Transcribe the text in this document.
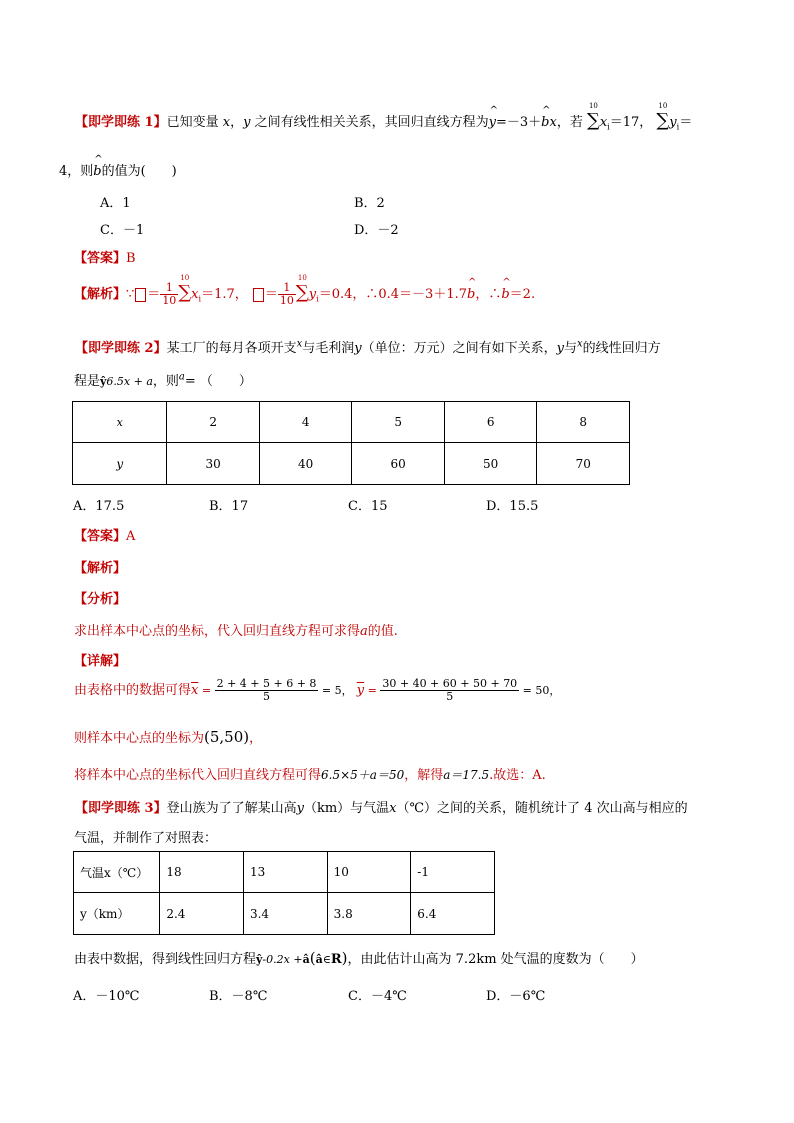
【即学即练 1】已知变量 x，y 之间有线性相关关系，其回归直线方程为^ y=－3＋^ bx，若 ∑
10
$x_i=17$， ∑
10
$y_i=$
4，则^ b的值为(　　)
A．1	B．2
C．－1	D．－2
【答案】B
【解析】∵ ＝ $\frac{1}{10}$ ∑
10
$x_i=1.7$， ＝ $\frac{1}{10}$ ∑
10
$y_i=0.4$，∴0.4＝－3＋1.7^ b，∴^ b＝2.
【即学即练 2】某工厂的每月各项开支$^x$与毛利润y（单位：万元）之间有如下关系，y与$^x$的线性回归方
程是ŷ6.5x + a，则$^a$= （　　）
x	2	4	5	6	8
y	30	40	60	50	70
A．17.5	B．17	C．15	D．15.5
【答案】A
【解析】
【分析】
求出样本中心点的坐标，代入回归直线方程可求得a的值.
【详解】
由表格中的数据可得$\overline{x} = \frac{2 + 4 + 5 + 6 + 8}{5} = 5$， $\overline{y} = \frac{30 + 40 + 60 + 50 + 70}{5} = 50$，
则样本中心点的坐标为(5,50)，
将样本中心点的坐标代入回归直线方程可得6.5×5＋a＝50，解得a＝17.5.故选：A.
【即学即练 3】登山族为了了解某山高y（km）与气温x（℃）之间的关系，随机统计了 4 次山高与相应的
气温，并制作了对照表：
气温x（℃）	18	13	10	-1
y（km）	2.4	3.4	3.8	6.4
由表中数据，得到线性回归方程ŷ-0.2x +â(â∈R)，由此估计山高为 7.2km 处气温的度数为（　　）
A．－10℃	B．－8℃	C．－4℃	D．－6℃
